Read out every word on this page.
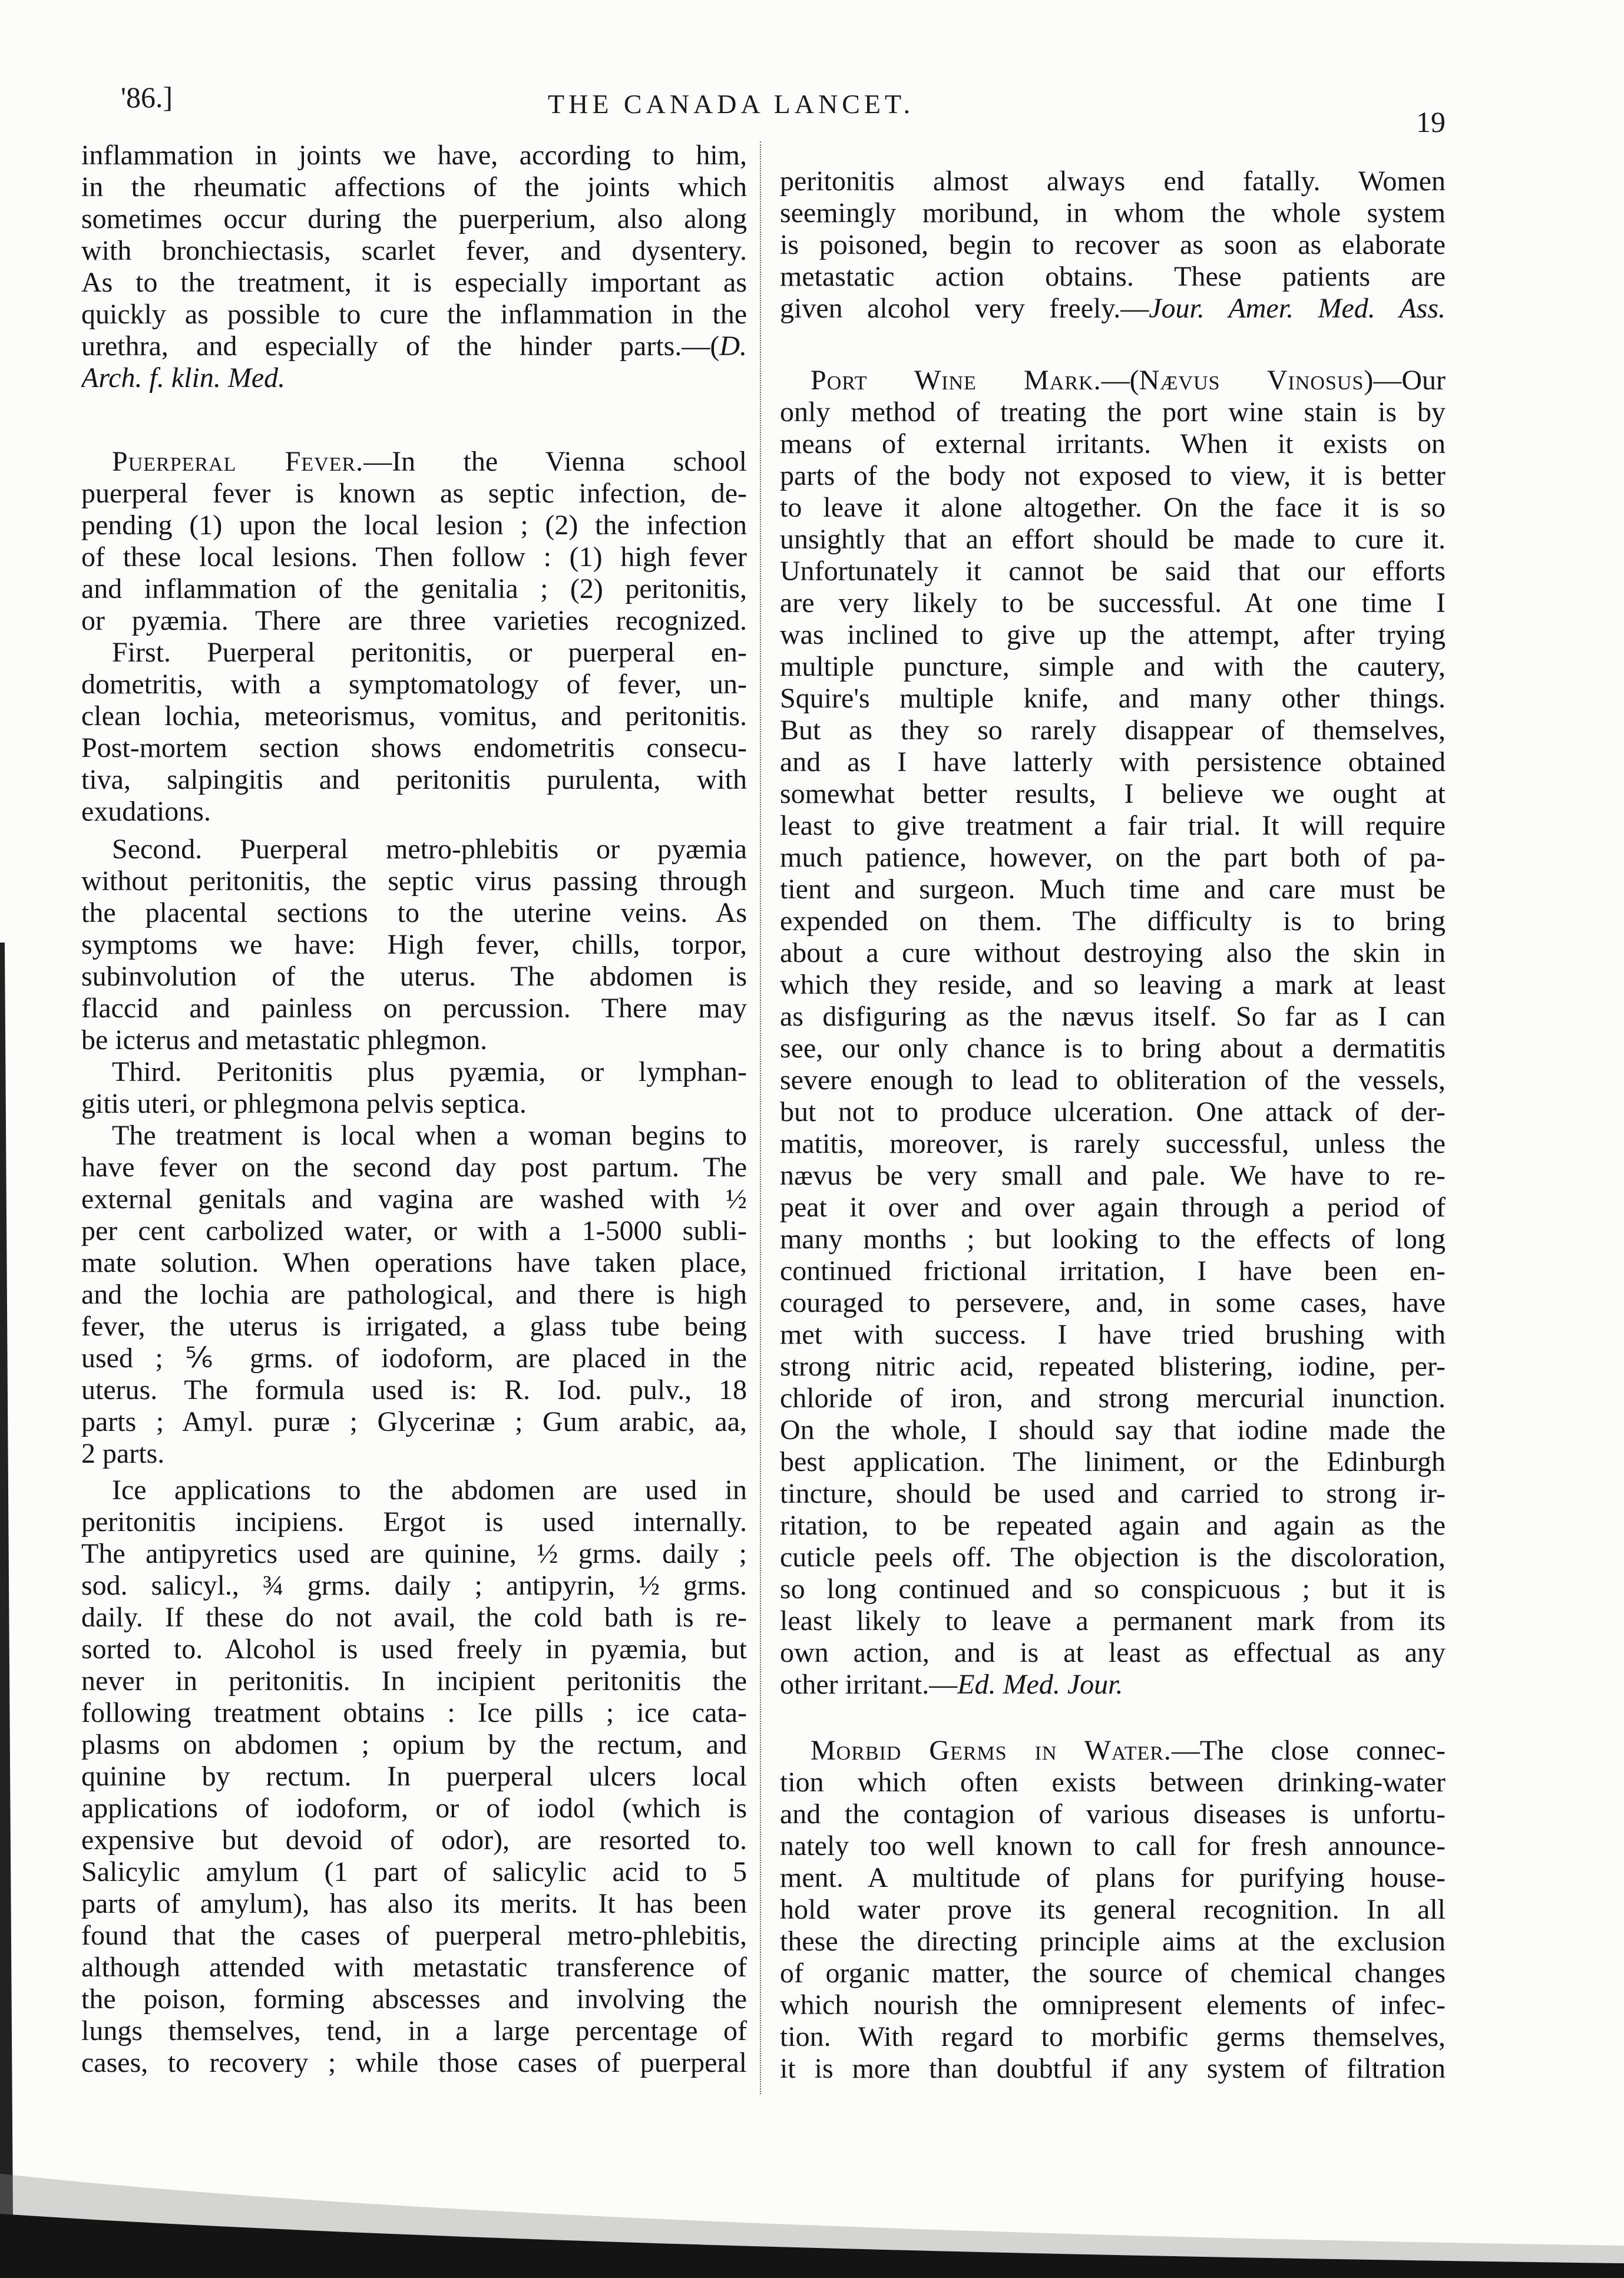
'86.]	THE CANADA LANCET.
19
inflammation in joints we have, according to him,
in the rheumatic affections of the joints which
sometimes occur during the puerperium, also along
with bronchiectasis, scarlet fever, and dysentery.
As to the treatment, it is especially important as
quickly as possible to cure the inflammation in the
urethra, and especially of the hinder parts.—(D.
Arch. f. klin. Med.
Puerperal Fever.—In the Vienna school
puerperal fever is known as septic infection, de-
pending (1) upon the local lesion ; (2) the infection
of these local lesions. Then follow : (1) high fever
and inflammation of the genitalia ; (2) peritonitis,
or pyæmia. There are three varieties recognized.
First. Puerperal peritonitis, or puerperal en-
dometritis, with a symptomatology of fever, un-
clean lochia, meteorismus, vomitus, and peritonitis.
Post-mortem section shows endometritis consecu-
tiva, salpingitis and peritonitis purulenta, with
exudations.
Second. Puerperal metro-phlebitis or pyæmia
without peritonitis, the septic virus passing through
the placental sections to the uterine veins. As
symptoms we have: High fever, chills, torpor,
subinvolution of the uterus. The abdomen is
flaccid and painless on percussion. There may
be icterus and metastatic phlegmon.
Third. Peritonitis plus pyæmia, or lymphan-
gitis uteri, or phlegmona pelvis septica.
The treatment is local when a woman begins to
have fever on the second day post partum. The
external genitals and vagina are washed with ½
per cent carbolized water, or with a 1-5000 subli-
mate solution. When operations have taken place,
and the lochia are pathological, and there is high
fever, the uterus is irrigated, a glass tube being
used ; ⅚ grms. of iodoform, are placed in the
uterus. The formula used is: R. Iod. pulv., 18
parts ; Amyl. puræ ; Glycerinæ ; Gum arabic, aa,
2 parts.
Ice applications to the abdomen are used in
peritonitis incipiens. Ergot is used internally.
The antipyretics used are quinine, ½ grms. daily ;
sod. salicyl., ¾ grms. daily ; antipyrin, ½ grms.
daily. If these do not avail, the cold bath is re-
sorted to. Alcohol is used freely in pyæmia, but
never in peritonitis. In incipient peritonitis the
following treatment obtains : Ice pills ; ice cata-
plasms on abdomen ; opium by the rectum, and
quinine by rectum. In puerperal ulcers local
applications of iodoform, or of iodol (which is
expensive but devoid of odor), are resorted to.
Salicylic amylum (1 part of salicylic acid to 5
parts of amylum), has also its merits. It has been
found that the cases of puerperal metro-phlebitis,
although attended with metastatic transference of
the poison, forming abscesses and involving the
lungs themselves, tend, in a large percentage of
cases, to recovery ; while those cases of puerperal
peritonitis almost always end fatally. Women
seemingly moribund, in whom the whole system
is poisoned, begin to recover as soon as elaborate
metastatic action obtains. These patients are
given alcohol very freely.—Jour. Amer. Med. Ass.
Port Wine Mark.—(Nævus Vinosus)—Our
only method of treating the port wine stain is by
means of external irritants. When it exists on
parts of the body not exposed to view, it is better
to leave it alone altogether. On the face it is so
unsightly that an effort should be made to cure it.
Unfortunately it cannot be said that our efforts
are very likely to be successful. At one time I
was inclined to give up the attempt, after trying
multiple puncture, simple and with the cautery,
Squire's multiple knife, and many other things.
But as they so rarely disappear of themselves,
and as I have latterly with persistence obtained
somewhat better results, I believe we ought at
least to give treatment a fair trial. It will require
much patience, however, on the part both of pa-
tient and surgeon. Much time and care must be
expended on them. The difficulty is to bring
about a cure without destroying also the skin in
which they reside, and so leaving a mark at least
as disfiguring as the nævus itself. So far as I can
see, our only chance is to bring about a dermatitis
severe enough to lead to obliteration of the vessels,
but not to produce ulceration. One attack of der-
matitis, moreover, is rarely successful, unless the
nævus be very small and pale. We have to re-
peat it over and over again through a period of
many months ; but looking to the effects of long
continued frictional irritation, I have been en-
couraged to persevere, and, in some cases, have
met with success. I have tried brushing with
strong nitric acid, repeated blistering, iodine, per-
chloride of iron, and strong mercurial inunction.
On the whole, I should say that iodine made the
best application. The liniment, or the Edinburgh
tincture, should be used and carried to strong ir-
ritation, to be repeated again and again as the
cuticle peels off. The objection is the discoloration,
so long continued and so conspicuous ; but it is
least likely to leave a permanent mark from its
own action, and is at least as effectual as any
other irritant.—Ed. Med. Jour.
Morbid Germs in Water.—The close connec-
tion which often exists between drinking-water
and the contagion of various diseases is unfortu-
nately too well known to call for fresh announce-
ment. A multitude of plans for purifying house-
hold water prove its general recognition. In all
these the directing principle aims at the exclusion
of organic matter, the source of chemical changes
which nourish the omnipresent elements of infec-
tion. With regard to morbific germs themselves,
it is more than doubtful if any system of filtration
